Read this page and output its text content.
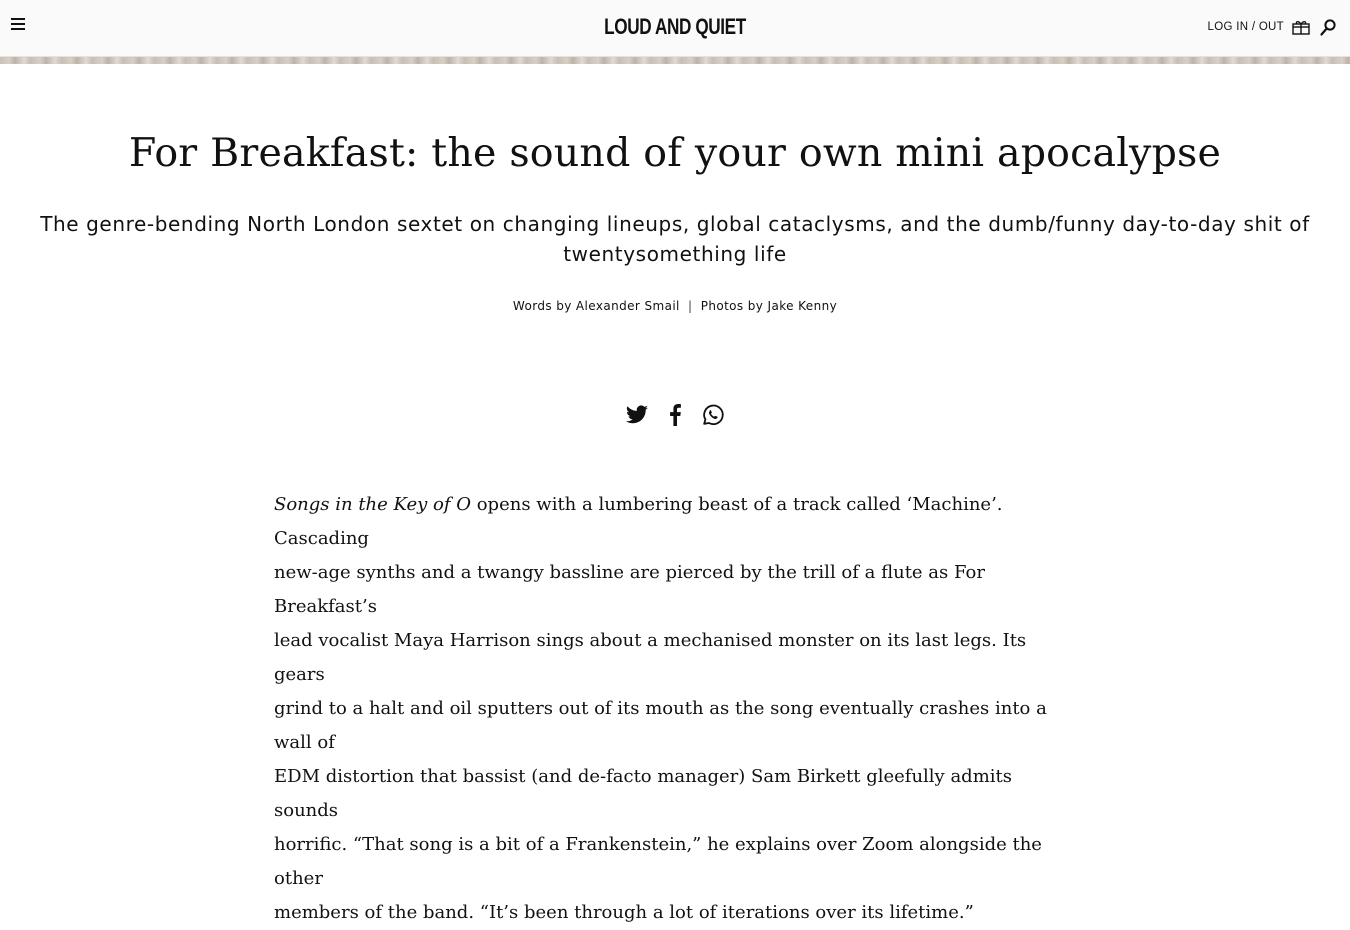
LOUD AND QUIET	LOG IN / OUT
For Breakfast: the sound of your own mini apocalypse
The genre-bending North London sextet on changing lineups, global cataclysms, and the dumb/funny day-to-day shit of twentysomething life
Words by Alexander Smail | Photos by Jake Kenny

Songs in the Key of O opens with a lumbering beast of a track called ‘Machine’. Cascading
new-age synths and a twangy bassline are pierced by the trill of a flute as For Breakfast’s
lead vocalist Maya Harrison sings about a mechanised monster on its last legs. Its gears
grind to a halt and oil sputters out of its mouth as the song eventually crashes into a wall of
EDM distortion that bassist (and de-facto manager) Sam Birkett gleefully admits sounds
horrific. “That song is a bit of a Frankenstein,” he explains over Zoom alongside the other
members of the band. “It’s been through a lot of iterations over its lifetime.”
